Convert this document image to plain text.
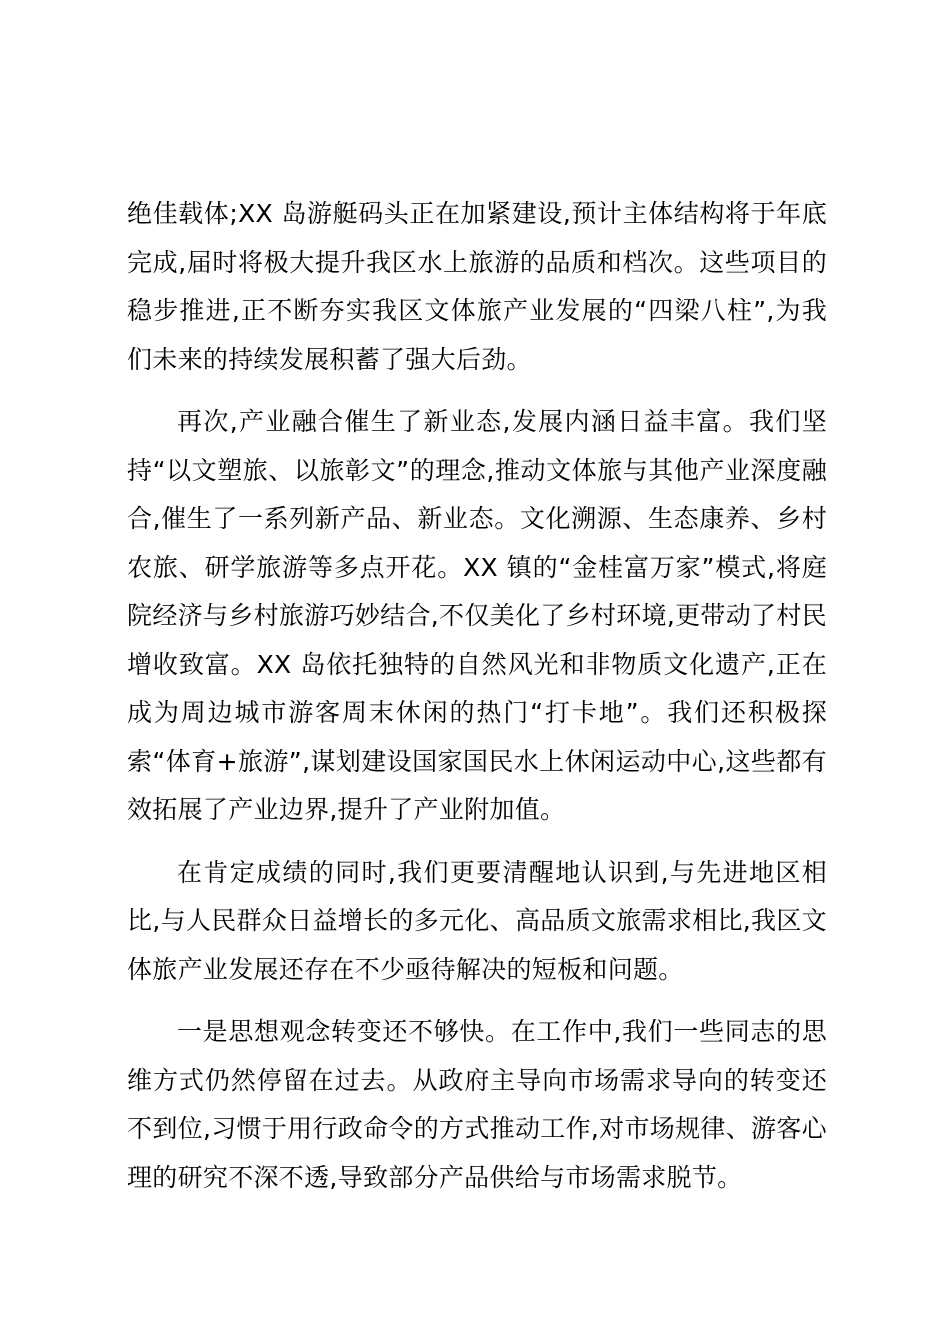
绝佳载体;XX 岛游艇码头正在加紧建设,预计主体结构将于年底完成,届时将极大提升我区水上旅游的品质和档次。这些项目的稳步推进,正不断夯实我区文体旅产业发展的“四梁八柱”,为我们未来的持续发展积蓄了强大后劲。

再次,产业融合催生了新业态,发展内涵日益丰富。我们坚持“以文塑旅、以旅彰文”的理念,推动文体旅与其他产业深度融合,催生了一系列新产品、新业态。文化溯源、生态康养、乡村农旅、研学旅游等多点开花。XX 镇的“金桂富万家”模式,将庭院经济与乡村旅游巧妙结合,不仅美化了乡村环境,更带动了村民增收致富。XX 岛依托独特的自然风光和非物质文化遗产,正在成为周边城市游客周末休闲的热门“打卡地”。我们还积极探索“体育+旅游”,谋划建设国家国民水上休闲运动中心,这些都有效拓展了产业边界,提升了产业附加值。

在肯定成绩的同时,我们更要清醒地认识到,与先进地区相比,与人民群众日益增长的多元化、高品质文旅需求相比,我区文体旅产业发展还存在不少亟待解决的短板和问题。

一是思想观念转变还不够快。在工作中,我们一些同志的思维方式仍然停留在过去。从政府主导向市场需求导向的转变还不到位,习惯于用行政命令的方式推动工作,对市场规律、游客心理的研究不深不透,导致部分产品供给与市场需求脱节。
